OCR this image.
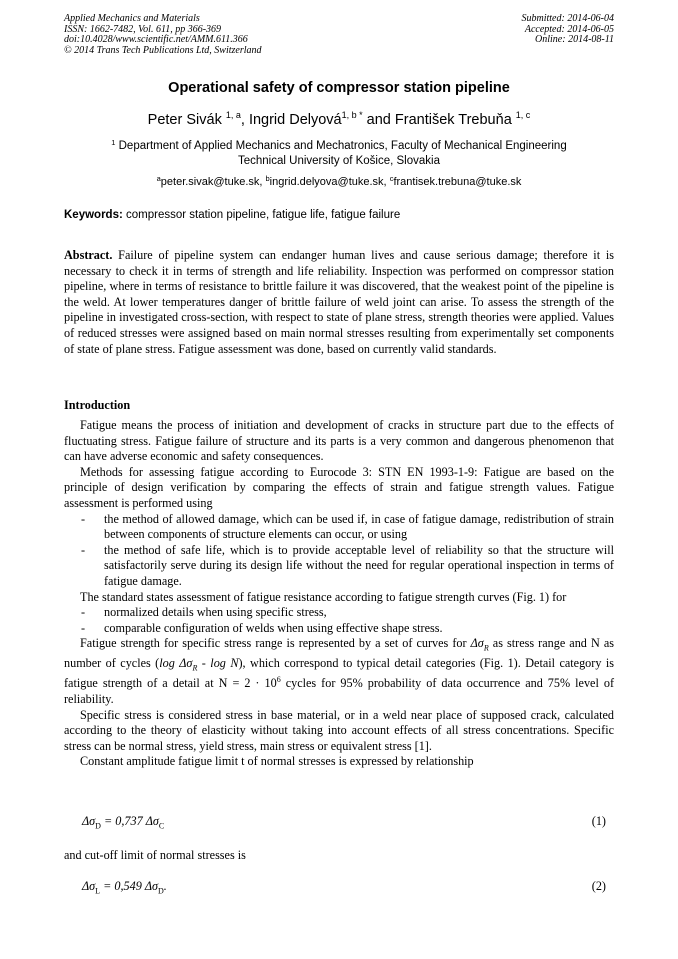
Applied Mechanics and Materials
ISSN: 1662-7482, Vol. 611, pp 366-369
doi:10.4028/www.scientific.net/AMM.611.366
© 2014 Trans Tech Publications Ltd, Switzerland
Submitted: 2014-06-04
Accepted: 2014-06-05
Online: 2014-08-11
Operational safety of compressor station pipeline
Peter Sivák $^{1, a}$, Ingrid Delyová$^{1, b *}$ and František Trebuňa $^{1, c}$
$^1$ Department of Applied Mechanics and Mechatronics, Faculty of Mechanical Engineering
Technical University of Košice, Slovakia
$^a$peter.sivak@tuke.sk, $^b$ingrid.delyova@tuke.sk, $^c$frantisek.trebuna@tuke.sk
Keywords: compressor station pipeline, fatigue life, fatigue failure
Abstract. Failure of pipeline system can endanger human lives and cause serious damage; therefore it is necessary to check it in terms of strength and life reliability. Inspection was performed on compressor station pipeline, where in terms of resistance to brittle failure it was discovered, that the weakest point of the pipeline is the weld. At lower temperatures danger of brittle failure of weld joint can arise. To assess the strength of the pipeline in investigated cross-section, with respect to state of plane stress, strength theories were applied. Values of reduced stresses were assigned based on main normal stresses resulting from experimentally set components of state of plane stress. Fatigue assessment was done, based on currently valid standards.
Introduction

Fatigue means the process of initiation and development of cracks in structure part due to the effects of fluctuating stress. Fatigue failure of structure and its parts is a very common and dangerous phenomenon that can have adverse economic and safety consequences.

Methods for assessing fatigue according to Eurocode 3: STN EN 1993-1-9: Fatigue are based on the principle of design verification by comparing the effects of strain and fatigue strength values. Fatigue assessment is performed using

- the method of allowed damage, which can be used if, in case of fatigue damage, redistribution of strain between components of structure elements can occur, or using
- the method of safe life, which is to provide acceptable level of reliability so that the structure will satisfactorily serve during its design life without the need for regular operational inspection in terms of fatigue damage.

The standard states assessment of fatigue resistance according to fatigue strength curves (Fig. 1) for

- normalized details when using specific stress,
- comparable configuration of welds when using effective shape stress.

Fatigue strength for specific stress range is represented by a set of curves for $\Delta\sigma_R$ as stress range and N as number of cycles (log $\Delta\sigma_R$ - log N), which correspond to typical detail categories (Fig. 1). Detail category is fatigue strength of a detail at $N = 2 \cdot 10^6$ cycles for 95% probability of data occurrence and 75% level of reliability.

Specific stress is considered stress in base material, or in a weld near place of supposed crack, calculated according to the theory of elasticity without taking into account effects of all stress concentrations. Specific stress can be normal stress, yield stress, main stress or equivalent stress [1].

Constant amplitude fatigue limit t of normal stresses is expressed by relationship

$\Delta\sigma_D = 0,737$ $\Delta\sigma_C$	(1)
and cut-off limit of normal stresses is
$\Delta\sigma_L = 0,549$ $\Delta\sigma_D$.	(2)
